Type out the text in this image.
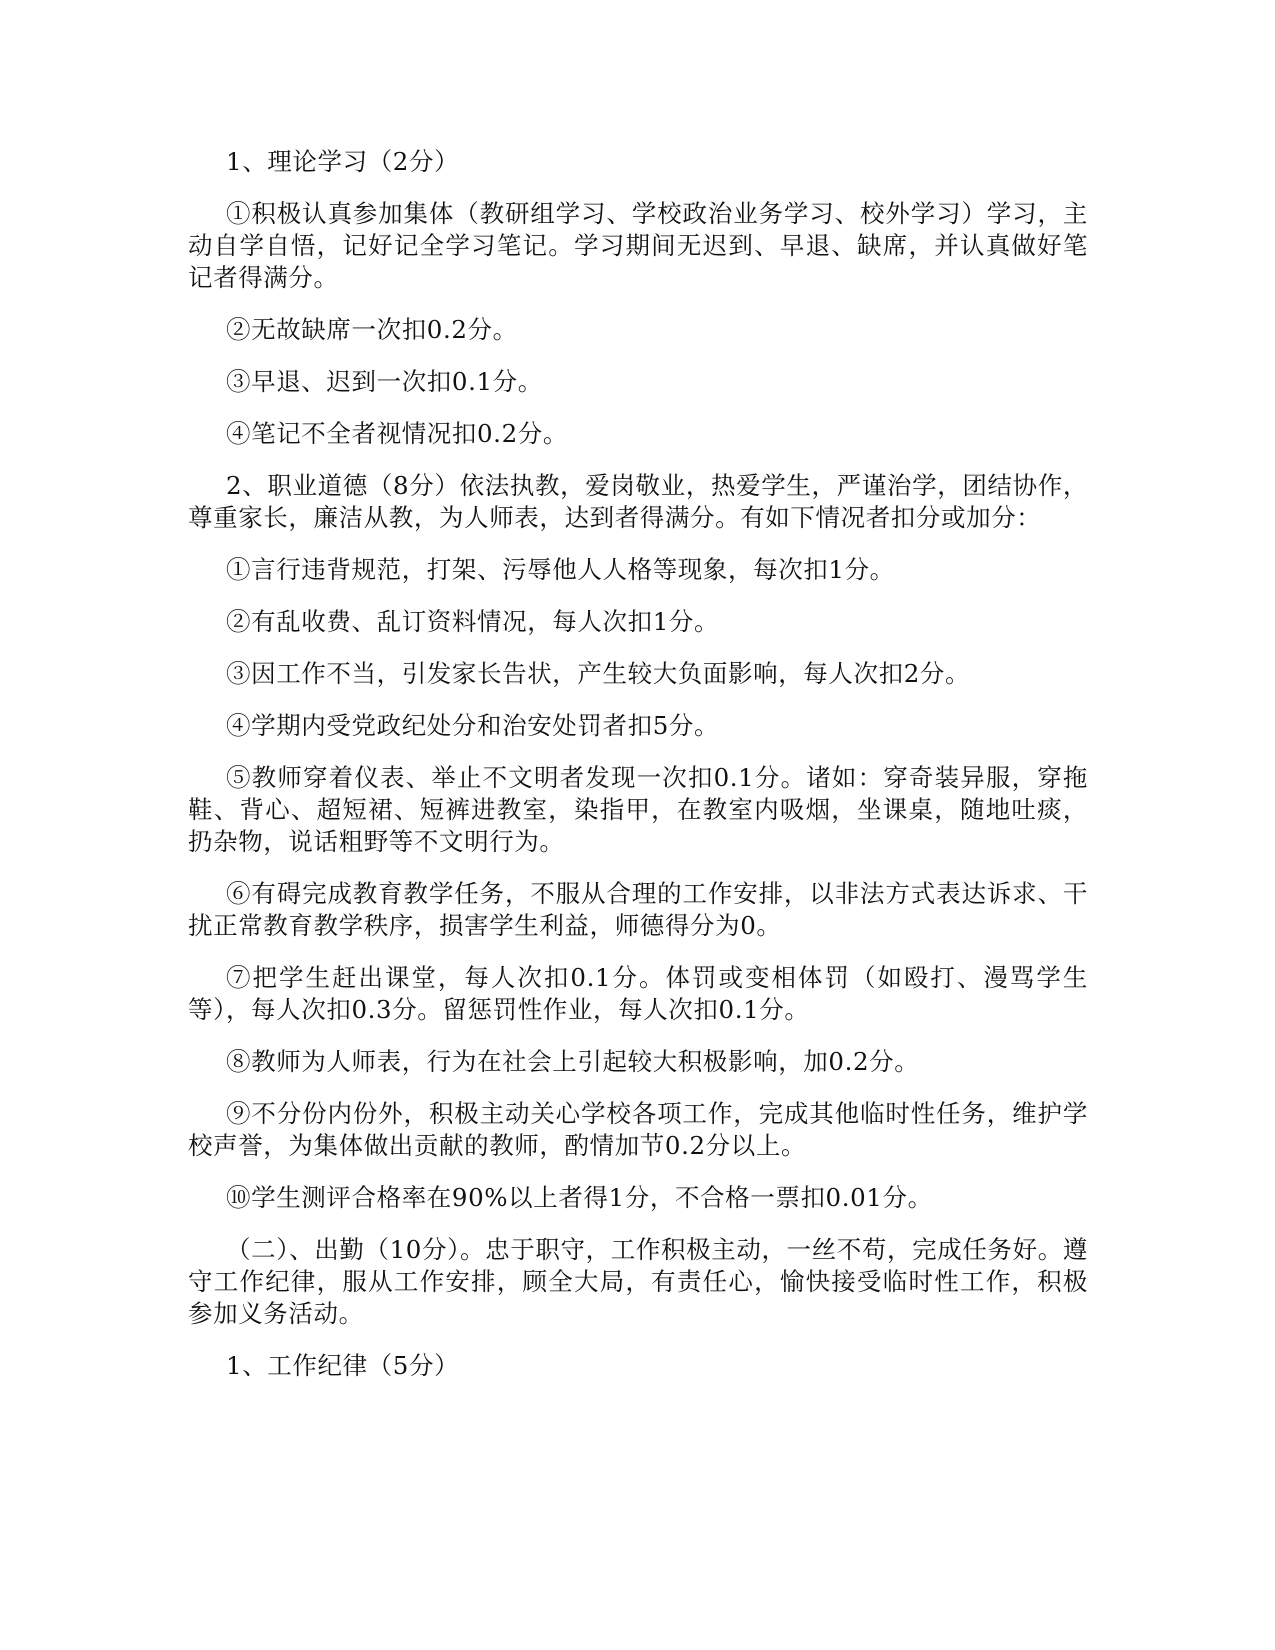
1、理论学习（2分）

①积极认真参加集体（教研组学习、学校政治业务学习、校外学习）学习，主动自学自悟，记好记全学习笔记。学习期间无迟到、早退、缺席，并认真做好笔记者得满分。

②无故缺席一次扣0.2分。

③早退、迟到一次扣0.1分。

④笔记不全者视情况扣0.2分。

2、职业道德（8分）依法执教，爱岗敬业，热爱学生，严谨治学，团结协作，尊重家长，廉洁从教，为人师表，达到者得满分。有如下情况者扣分或加分：

①言行违背规范，打架、污辱他人人格等现象，每次扣1分。

②有乱收费、乱订资料情况，每人次扣1分。

③因工作不当，引发家长告状，产生较大负面影响，每人次扣2分。

④学期内受党政纪处分和治安处罚者扣5分。

⑤教师穿着仪表、举止不文明者发现一次扣0.1分。诸如：穿奇装异服，穿拖鞋、背心、超短裙、短裤进教室，染指甲，在教室内吸烟，坐课桌，随地吐痰，扔杂物，说话粗野等不文明行为。

⑥有碍完成教育教学任务，不服从合理的工作安排，以非法方式表达诉求、干扰正常教育教学秩序，损害学生利益，师德得分为0。

⑦把学生赶出课堂，每人次扣0.1分。体罚或变相体罚（如殴打、漫骂学生等），每人次扣0.3分。留惩罚性作业，每人次扣0.1分。

⑧教师为人师表，行为在社会上引起较大积极影响，加0.2分。

⑨不分份内份外，积极主动关心学校各项工作，完成其他临时性任务，维护学校声誉，为集体做出贡献的教师，酌情加节0.2分以上。

⑩学生测评合格率在90%以上者得1分，不合格一票扣0.01分。

（二）、出勤（10分）。忠于职守，工作积极主动，一丝不苟，完成任务好。遵守工作纪律，服从工作安排，顾全大局，有责任心，愉快接受临时性工作，积极参加义务活动。

1、工作纪律（5分）
